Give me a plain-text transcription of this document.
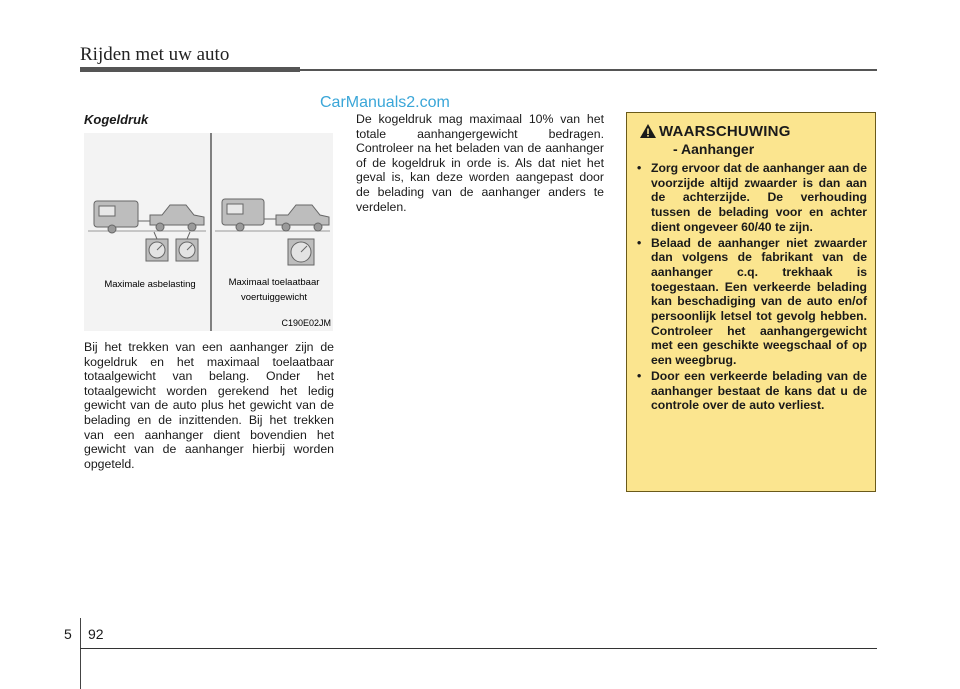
Rijden met uw auto
CarManuals2.com
Kogeldruk
Maximale asbelasting	Maximaal toelaatbaar
voertuiggewicht
C190E02JM
Bij het trekken van een aanhanger zijn de kogeldruk en het maximaal toelaatbaar totaalgewicht van belang. Onder het totaalgewicht worden gerekend het ledig gewicht van de auto plus het gewicht van de belading en de inzittenden. Bij het trekken van een aanhanger dient bovendien het gewicht van de aanhanger hierbij worden opgeteld.
De kogeldruk mag maximaal 10% van het totale aanhangergewicht bedragen. Controleer na het beladen van de aanhanger of de kogeldruk in orde is. Als dat niet het geval is, kan deze worden aangepast door de belading van de aanhanger anders te verdelen.
WAARSCHUWING
- Aanhanger
• Zorg ervoor dat de aanhanger aan de voorzijde altijd zwaarder is dan aan de achterzijde. De verhouding tussen de belading voor en achter dient ongeveer 60/40 te zijn.
• Belaad de aanhanger niet zwaarder dan volgens de fabrikant van de aanhanger c.q. trekhaak is toegestaan. Een verkeerde belading kan beschadiging van de auto en/of persoonlijk letsel tot gevolg hebben. Controleer het aanhangergewicht met een geschikte weegschaal of op een weegbrug.
• Door een verkeerde belading van de aanhanger bestaat de kans dat u de controle over de auto verliest.
5 92
